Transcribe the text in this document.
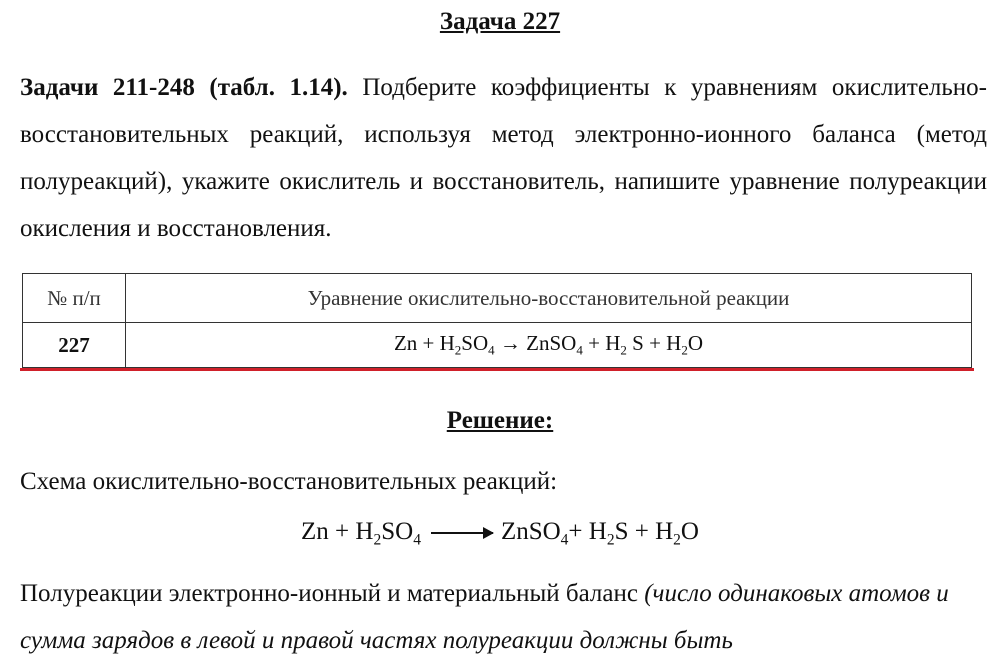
Задача 227
Задачи 211-248 (табл. 1.14). Подберите коэффициенты к уравнениям окислительно-восстановительных реакций, используя метод электронно-ионного баланса (метод полуреакций), укажите окислитель и восстановитель, напишите уравнение полуреакции окисления и восстановления.
№ п/п	Уравнение окислительно-восстановительной реакции
227	$Zn + H_2SO_4$ → ZnSO$_4$ + $H_2$ $S + H_2O$
Решение:
Схема окислительно-восстановительных реакций:
$Zn + H_2SO_4$	ZnSO$_4$+ $H_2S + H_2O$
Полуреакции электронно-ионный и материальный баланс (число одинаковых атомов и сумма зарядов в левой и правой частях полуреакции должны быть
